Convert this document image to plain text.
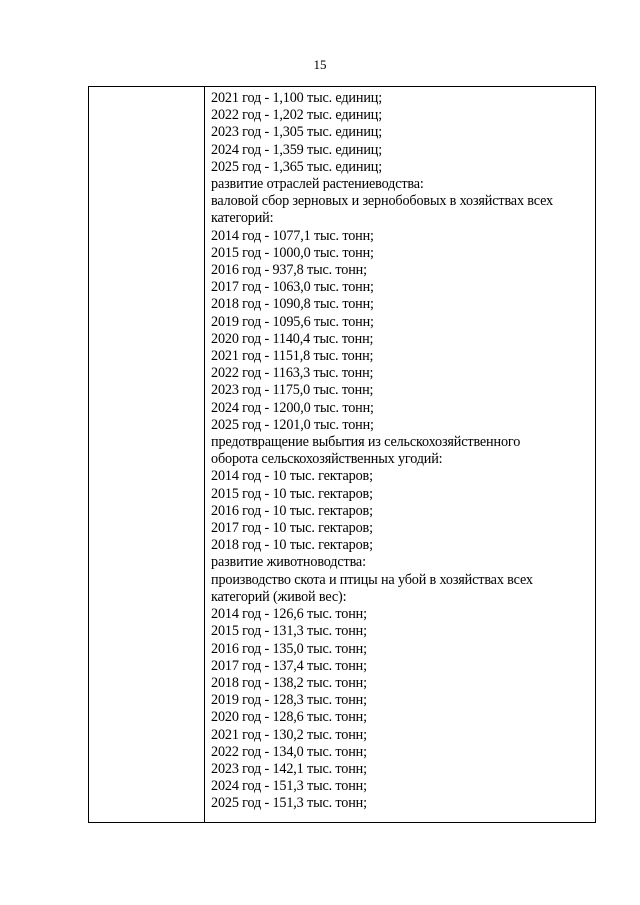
15
2021 год - 1,100 тыс. единиц;
2022 год - 1,202 тыс. единиц;
2023 год - 1,305 тыс. единиц;
2024 год - 1,359 тыс. единиц;
2025 год - 1,365 тыс. единиц;
развитие отраслей растениеводства:
валовой сбор зерновых и зернобобовых в хозяйствах всех
категорий:
2014 год - 1077,1 тыс. тонн;
2015 год - 1000,0 тыс. тонн;
2016 год - 937,8 тыс. тонн;
2017 год - 1063,0 тыс. тонн;
2018 год - 1090,8 тыс. тонн;
2019 год - 1095,6 тыс. тонн;
2020 год - 1140,4 тыс. тонн;
2021 год - 1151,8 тыс. тонн;
2022 год - 1163,3 тыс. тонн;
2023 год - 1175,0 тыс. тонн;
2024 год - 1200,0 тыс. тонн;
2025 год - 1201,0 тыс. тонн;
предотвращение выбытия из сельскохозяйственного
оборота сельскохозяйственных угодий:
2014 год - 10 тыс. гектаров;
2015 год - 10 тыс. гектаров;
2016 год - 10 тыс. гектаров;
2017 год - 10 тыс. гектаров;
2018 год - 10 тыс. гектаров;
развитие животноводства:
производство скота и птицы на убой в хозяйствах всех
категорий (живой вес):
2014 год - 126,6 тыс. тонн;
2015 год - 131,3 тыс. тонн;
2016 год - 135,0 тыс. тонн;
2017 год - 137,4 тыс. тонн;
2018 год - 138,2 тыс. тонн;
2019 год - 128,3 тыс. тонн;
2020 год - 128,6 тыс. тонн;
2021 год - 130,2 тыс. тонн;
2022 год - 134,0 тыс. тонн;
2023 год - 142,1 тыс. тонн;
2024 год - 151,3 тыс. тонн;
2025 год - 151,3 тыс. тонн;
